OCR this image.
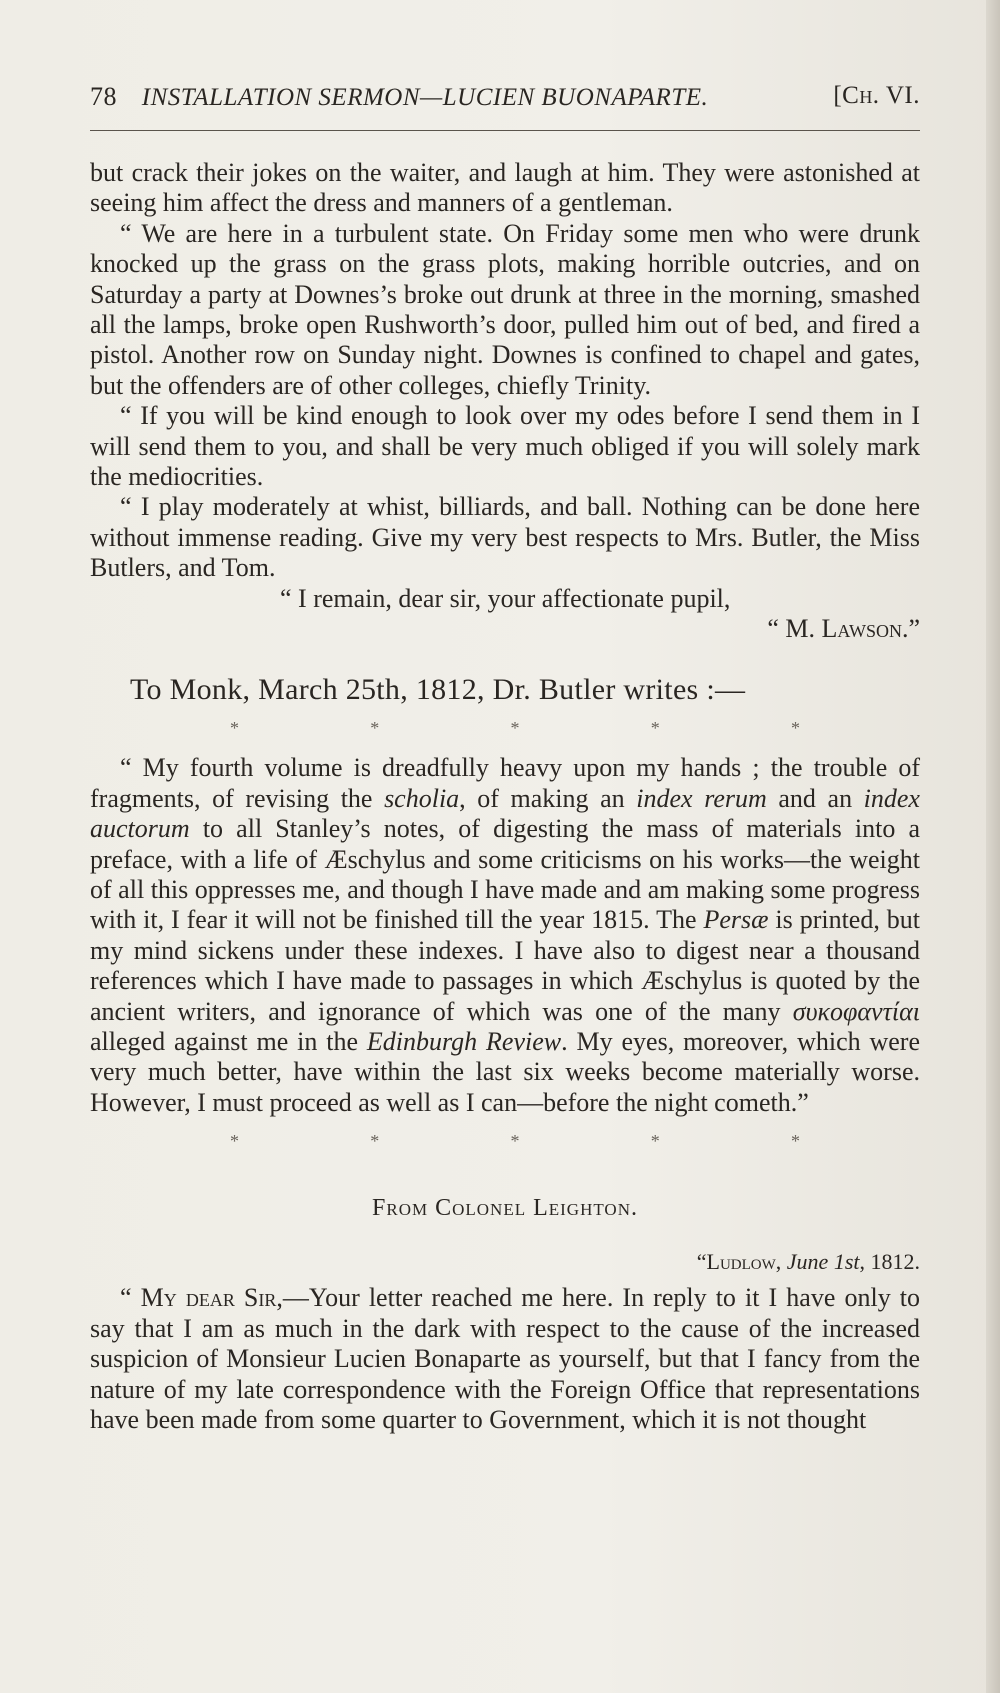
78 INSTALLATION SERMON—LUCIEN BUONAPARTE.	[Ch. VI.

but crack their jokes on the waiter, and laugh at him. They were astonished at seeing him affect the dress and manners of a gentleman.

“ We are here in a turbulent state. On Friday some men who were drunk knocked up the grass on the grass plots, making horrible outcries, and on Saturday a party at Downes’s broke out drunk at three in the morning, smashed all the lamps, broke open Rushworth’s door, pulled him out of bed, and fired a pistol. Another row on Sunday night. Downes is confined to chapel and gates, but the offenders are of other colleges, chiefly Trinity.

“ If you will be kind enough to look over my odes before I send them in I will send them to you, and shall be very much obliged if you will solely mark the mediocrities.

“ I play moderately at whist, billiards, and ball. Nothing can be done here without immense reading. Give my very best respects to Mrs. Butler, the Miss Butlers, and Tom.

“ I remain, dear sir, your affectionate pupil,

“ M. Lawson.”

To Monk, March 25th, 1812, Dr. Butler writes :—

*	*	*	*	*

“ My fourth volume is dreadfully heavy upon my hands ; the trouble of fragments, of revising the scholia, of making an index rerum and an index auctorum to all Stanley’s notes, of digesting the mass of materials into a preface, with a life of Æschylus and some criticisms on his works—the weight of all this oppresses me, and though I have made and am making some progress with it, I fear it will not be finished till the year 1815. The Persæ is printed, but my mind sickens under these indexes. I have also to digest near a thousand references which I have made to passages in which Æschylus is quoted by the ancient writers, and ignorance of which was one of the many συκοφαντίαι alleged against me in the Edinburgh Review. My eyes, moreover, which were very much better, have within the last six weeks become materially worse. However, I must proceed as well as I can—before the night cometh.”

*	*	*	*	*

From Colonel Leighton.

“Ludlow, June 1st, 1812.

“ My dear Sir,—Your letter reached me here. In reply to it I have only to say that I am as much in the dark with respect to the cause of the increased suspicion of Monsieur Lucien Bonaparte as yourself, but that I fancy from the nature of my late correspondence with the Foreign Office that representations have been made from some quarter to Government, which it is not thought
